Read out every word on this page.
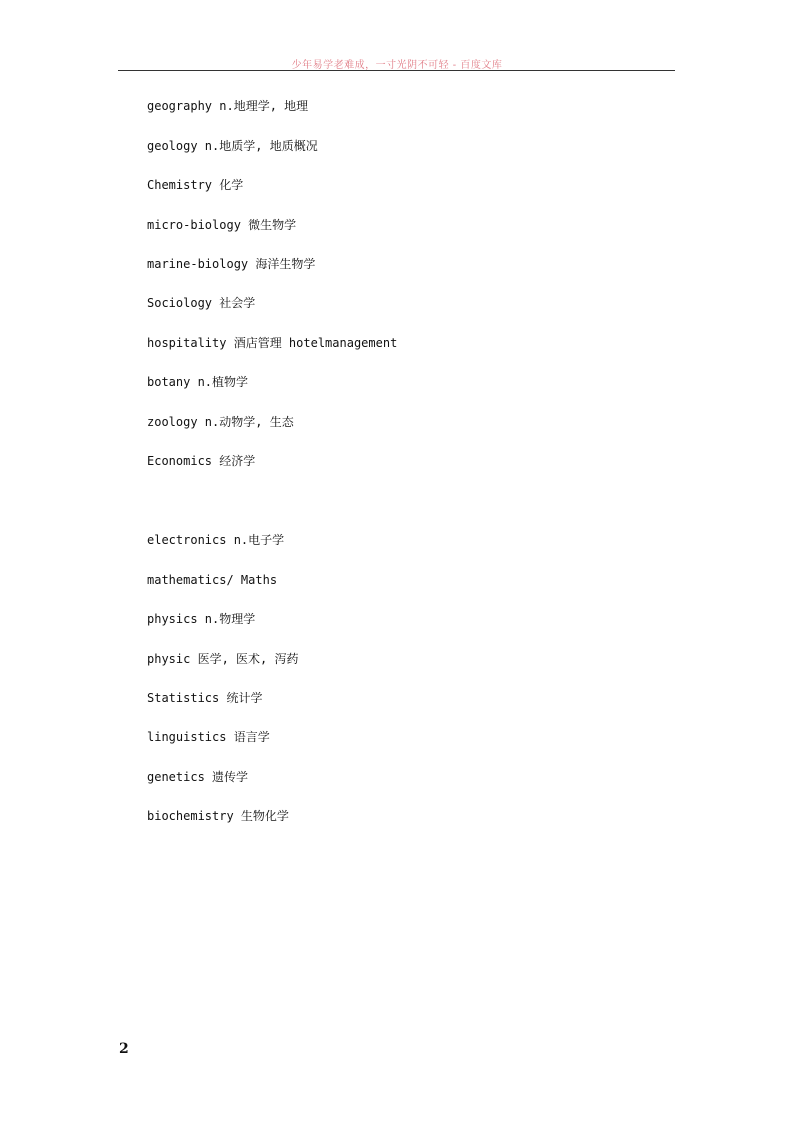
少年易学老难成，一寸光阴不可轻 - 百度文库
geography n.地理学, 地理
geology n.地质学, 地质概况
Chemistry 化学
micro-biology 微生物学
marine-biology 海洋生物学
Sociology 社会学
hospitality 酒店管理 hotelmanagement
botany n.植物学
zoology n.动物学, 生态
Economics 经济学
electronics n.电子学
mathematics/ Maths
physics n.物理学
physic 医学, 医术, 泻药
Statistics 统计学
linguistics 语言学
genetics 遗传学
biochemistry 生物化学
2
